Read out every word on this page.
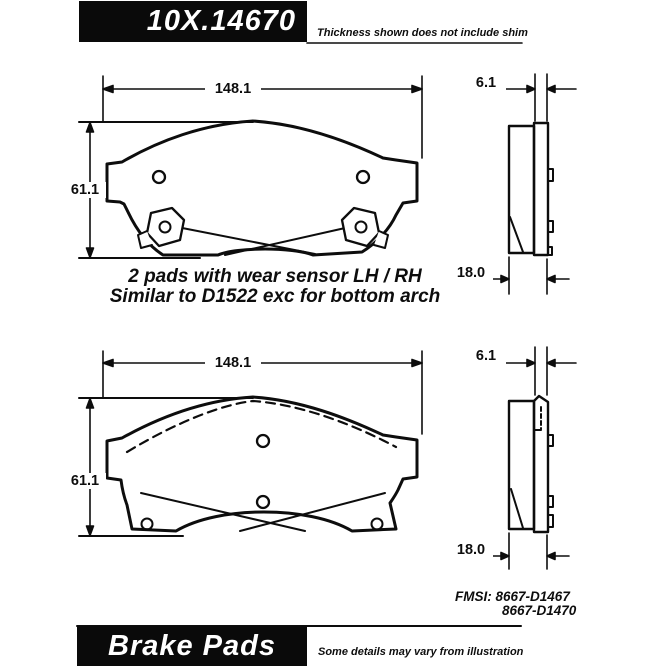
10X.14670 Thickness shown does not include shim
148.1
61.1
6.1
18.0
2 pads with wear sensor LH / RH
Similar to D1522 exc for bottom arch
148.1
61.1
6.1
18.0
FMSI: 8667-D1467
8667-D1470
Brake Pads	Some details may vary from illustration
